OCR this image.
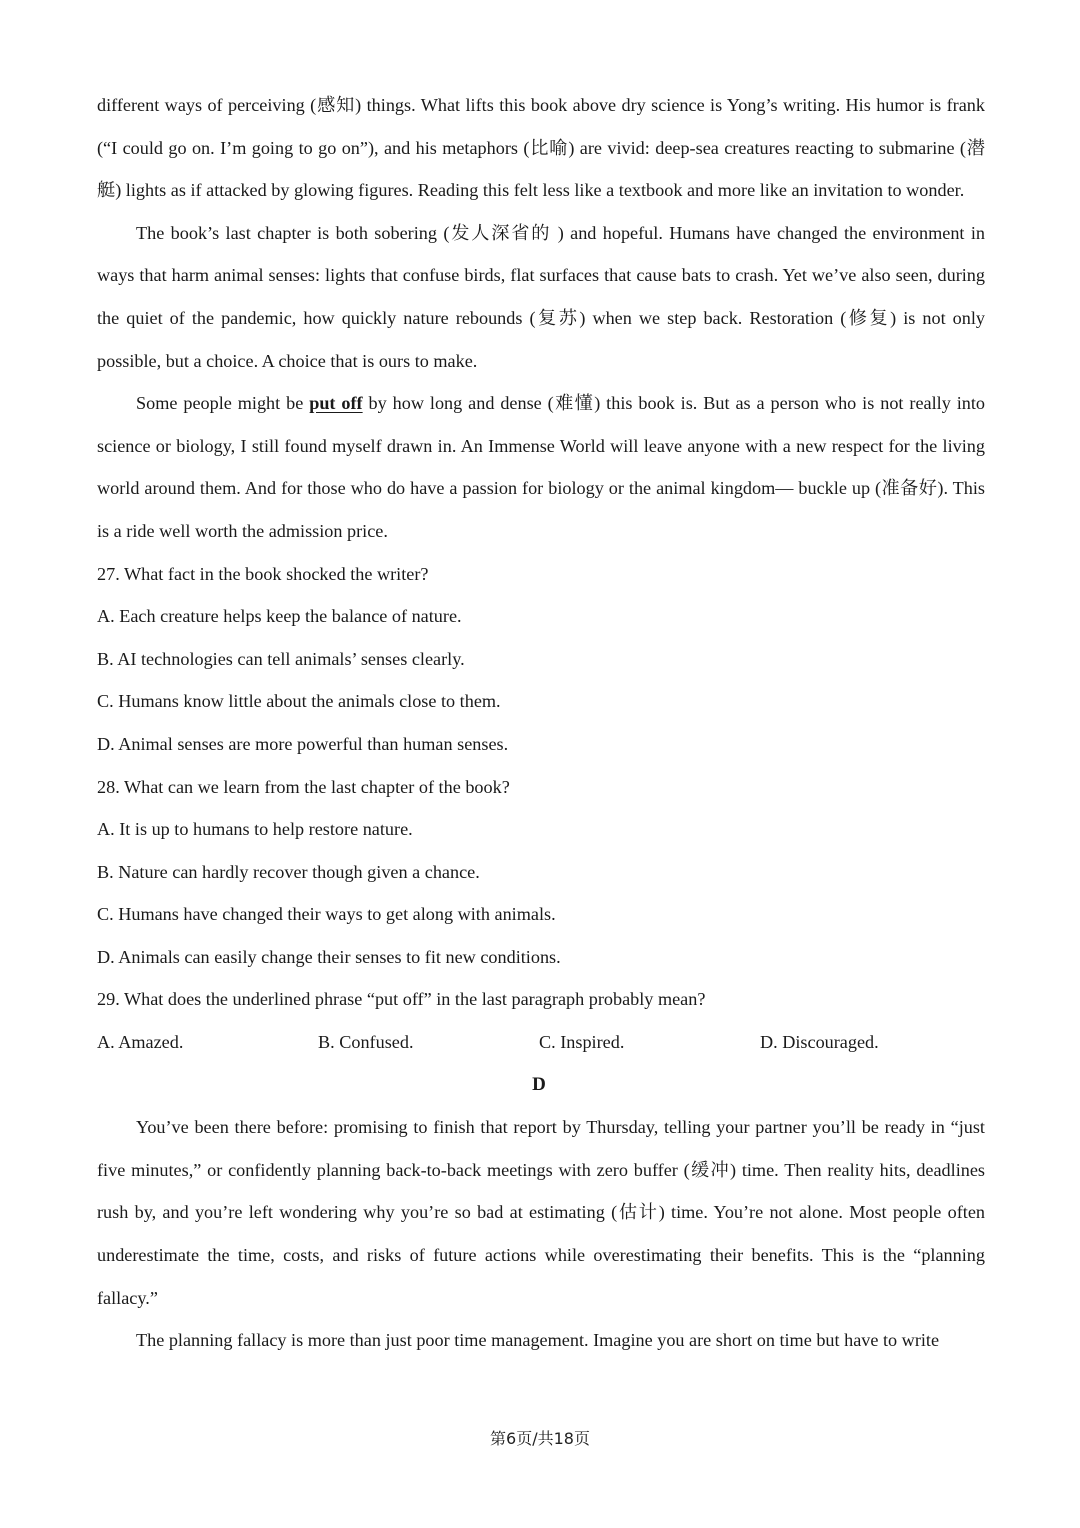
different ways of perceiving (感知) things. What lifts this book above dry science is Yong’s writing. His humor is frank (“I could go on. I’m going to go on”), and his metaphors (比喻) are vivid: deep-sea creatures reacting to submarine (潜艇) lights as if attacked by glowing figures. Reading this felt less like a textbook and more like an invitation to wonder.

The book’s last chapter is both sobering (发人深省的 ) and hopeful. Humans have changed the environment in ways that harm animal senses: lights that confuse birds, flat surfaces that cause bats to crash. Yet we’ve also seen, during the quiet of the pandemic, how quickly nature rebounds (复苏) when we step back. Restoration (修复) is not only possible, but a choice. A choice that is ours to make.

Some people might be put off by how long and dense (难懂) this book is. But as a person who is not really into science or biology, I still found myself drawn in. An Immense World will leave anyone with a new respect for the living world around them. And for those who do have a passion for biology or the animal kingdom— buckle up (准备好). This is a ride well worth the admission price.

27. What fact in the book shocked the writer?

A. Each creature helps keep the balance of nature.

B. AI technologies can tell animals’ senses clearly.

C. Humans know little about the animals close to them.

D. Animal senses are more powerful than human senses.

28. What can we learn from the last chapter of the book?

A. It is up to humans to help restore nature.

B. Nature can hardly recover though given a chance.

C. Humans have changed their ways to get along with animals.

D. Animals can easily change their senses to fit new conditions.

29. What does the underlined phrase “put off” in the last paragraph probably mean?

A. Amazed.	B. Confused.	C. Inspired.	D. Discouraged.

D

You’ve been there before: promising to finish that report by Thursday, telling your partner you’ll be ready in “just five minutes,” or confidently planning back-to-back meetings with zero buffer (缓冲) time. Then reality hits, deadlines rush by, and you’re left wondering why you’re so bad at estimating (估计) time. You’re not alone. Most people often underestimate the time, costs, and risks of future actions while overestimating their benefits. This is the “planning fallacy.”

The planning fallacy is more than just poor time management. Imagine you are short on time but have to write

第6页/共18页
